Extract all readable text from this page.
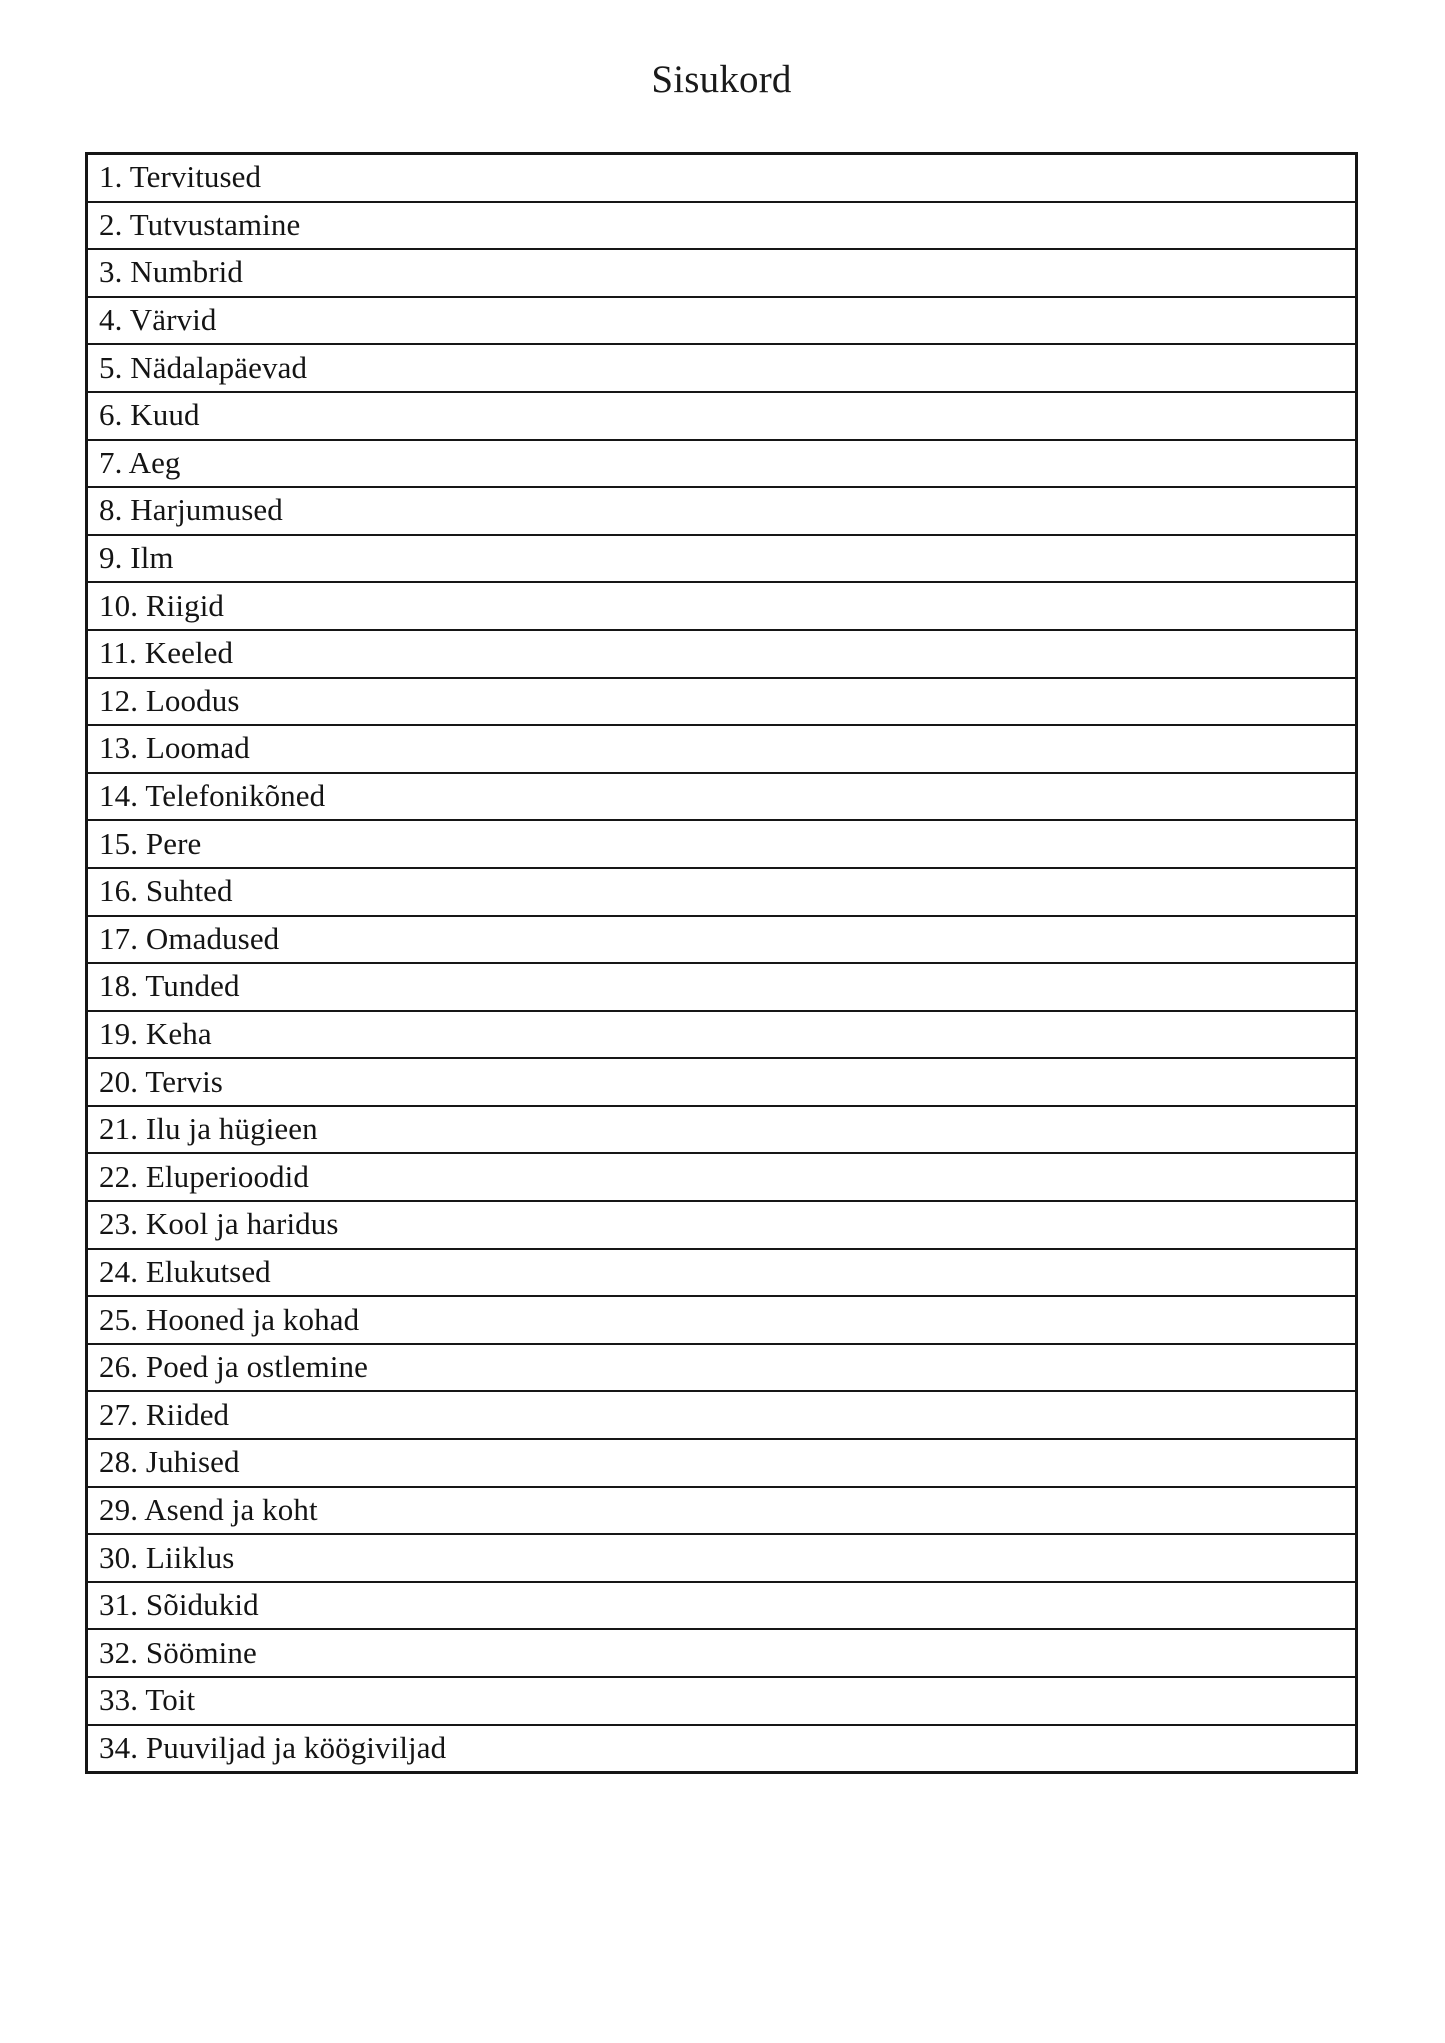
Sisukord
1. Tervitused
2. Tutvustamine
3. Numbrid
4. Värvid
5. Nädalapäevad
6. Kuud
7. Aeg
8. Harjumused
9. Ilm
10. Riigid
11. Keeled
12. Loodus
13. Loomad
14. Telefonikõned
15. Pere
16. Suhted
17. Omadused
18. Tunded
19. Keha
20. Tervis
21. Ilu ja hügieen
22. Eluperioodid
23. Kool ja haridus
24. Elukutsed
25. Hooned ja kohad
26. Poed ja ostlemine
27. Riided
28. Juhised
29. Asend ja koht
30. Liiklus
31. Sõidukid
32. Söömine
33. Toit
34. Puuviljad ja köögiviljad
